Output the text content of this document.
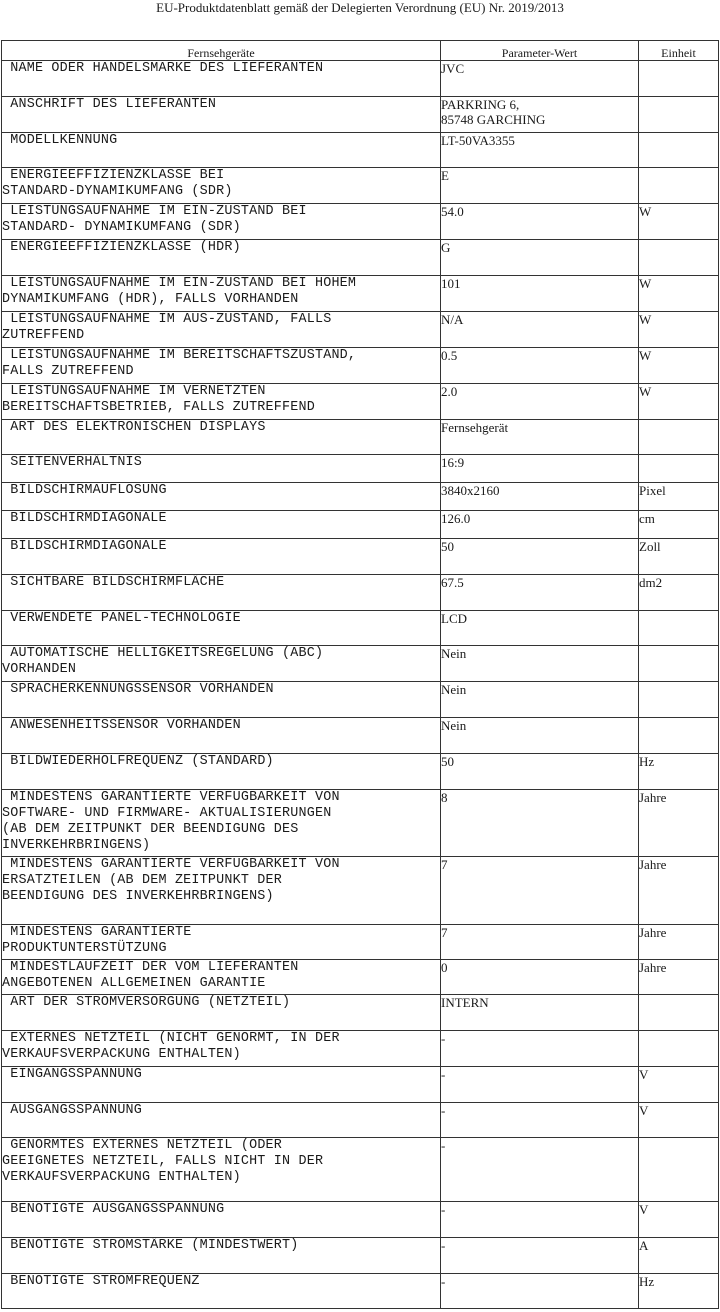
EU-Produktdatenblatt gemäß der Delegierten Verordnung (EU) Nr. 2019/2013
Fernsehgeräte	Parameter-Wert	Einheit
NAME ODER HANDELSMARKE DES LIEFERANTEN	JVC	
ANSCHRIFT DES LIEFERANTEN	PARKRING 6,
85748 GARCHING	
MODELLKENNUNG	LT-50VA3355	
ENERGIEEFFIZIENZKLASSE BEI
STANDARD-DYNAMIKUMFANG (SDR)	E	
LEISTUNGSAUFNAHME IM EIN-ZUSTAND BEI
STANDARD- DYNAMIKUMFANG (SDR)	54.0	W
ENERGIEEFFIZIENZKLASSE (HDR)	G	
LEISTUNGSAUFNAHME IM EIN-ZUSTAND BEI HOHEM
DYNAMIKUMFANG (HDR), FALLS VORHANDEN	101	W
LEISTUNGSAUFNAHME IM AUS-ZUSTAND, FALLS
ZUTREFFEND	N/A	W
LEISTUNGSAUFNAHME IM BEREITSCHAFTSZUSTAND,
FALLS ZUTREFFEND	0.5	W
LEISTUNGSAUFNAHME IM VERNETZTEN
BEREITSCHAFTSBETRIEB, FALLS ZUTREFFEND	2.0	W
ART DES ELEKTRONISCHEN DISPLAYS	Fernsehgerät	
SEITENVERHÄLTNIS	16:9	
BILDSCHIRMAUFLÖSUNG	3840x2160	Pixel
BILDSCHIRMDIAGONALE	126.0	cm
BILDSCHIRMDIAGONALE	50	Zoll
SICHTBARE BILDSCHIRMFLÄCHE	67.5	dm2
VERWENDETE PANEL-TECHNOLOGIE	LCD	
AUTOMATISCHE HELLIGKEITSREGELUNG (ABC)
VORHANDEN	Nein	
SPRACHERKENNUNGSSENSOR VORHANDEN	Nein	
ANWESENHEITSSENSOR VORHANDEN	Nein	
BILDWIEDERHOLFREQUENZ (STANDARD)	50	Hz
MINDESTENS GARANTIERTE VERFÜGBARKEIT VON
SOFTWARE- UND FIRMWARE- AKTUALISIERUNGEN
(AB DEM ZEITPUNKT DER BEENDIGUNG DES
INVERKEHRBRINGENS)	8	Jahre
MINDESTENS GARANTIERTE VERFÜGBARKEIT VON
ERSATZTEILEN (AB DEM ZEITPUNKT DER
BEENDIGUNG DES INVERKEHRBRINGENS)	7	Jahre
MINDESTENS GARANTIERTE
PRODUKTUNTERSTÜTZUNG	7	Jahre
MINDESTLAUFZEIT DER VOM LIEFERANTEN
ANGEBOTENEN ALLGEMEINEN GARANTIE	0	Jahre
ART DER STROMVERSORGUNG (NETZTEIL)	INTERN	
EXTERNES NETZTEIL (NICHT GENORMT, IN DER
VERKAUFSVERPACKUNG ENTHALTEN)	-	
EINGANGSSPANNUNG	-	V
AUSGANGSSPANNUNG	-	V
GENORMTES EXTERNES NETZTEIL (ODER
GEEIGNETES NETZTEIL, FALLS NICHT IN DER
VERKAUFSVERPACKUNG ENTHALTEN)	-	
BENÖTIGTE AUSGANGSSPANNUNG	-	V
BENÖTIGTE STROMSTÄRKE (MINDESTWERT)	-	A
BENÖTIGTE STROMFREQUENZ	-	Hz
